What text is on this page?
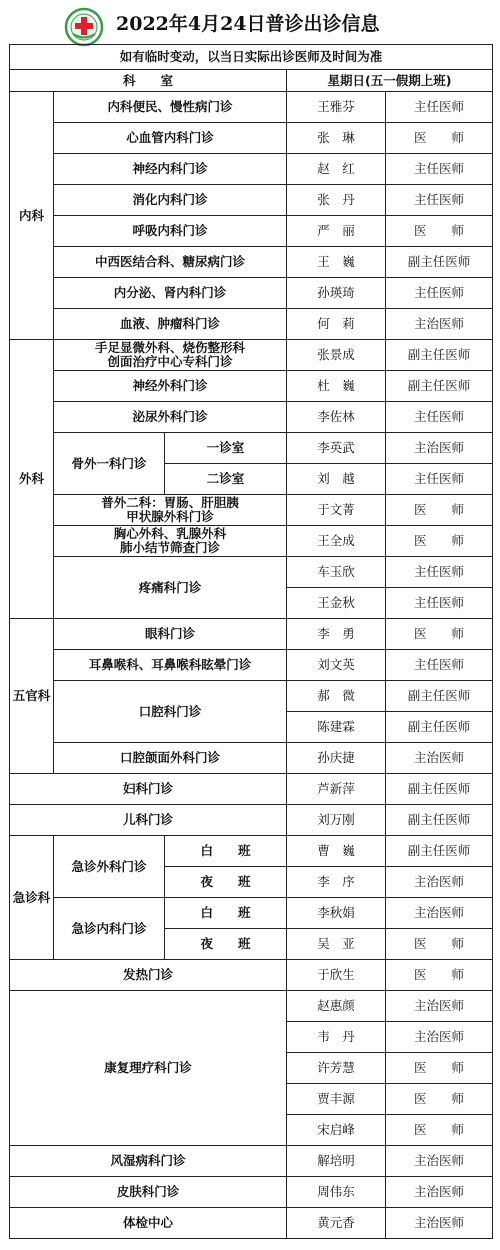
2022年4月24日普诊出诊信息
如有临时变动，以当日实际出诊医师及时间为准				
科　　室			星期日(五一假期上班)	
内科	内科便民、慢性病门诊		王雅芬	主任医师
	心血管内科门诊		张　琳	医　　师
	神经内科门诊		赵　红	主任医师
	消化内科门诊		张　丹	主任医师
	呼吸内科门诊		严　丽	医　　师
	中西医结合科、糖尿病门诊		王　巍	副主任医师
	内分泌、肾内科门诊		孙瑛琦	主任医师
	血液、肿瘤科门诊		何　莉	主治医师
外科	手足显微外科、烧伤整形科
创面治疗中心专科门诊		张景成	副主任医师
	神经外科门诊		杜　巍	副主任医师
	泌尿外科门诊		李佐林	主任医师
	骨外一科门诊	一诊室	李英武	主治医师
		二诊室	刘　越	主任医师

	普外二科：胃肠、肝胆胰
甲状腺外科门诊		于文菁	医　　师

	胸心外科、乳腺外科
肺小结节筛查门诊		王全成	医　　师
	疼痛科门诊		车玉欣	主任医师
			王金秋	主任医师
五官科	眼科门诊		李　勇	医　　师
	耳鼻喉科、耳鼻喉科眩晕门诊		刘文英	主任医师
	口腔科门诊		郝　微	副主任医师
			陈建霖	副主任医师
	口腔颌面外科门诊		孙庆捷	主治医师
妇科门诊			芦新萍	副主任医师
儿科门诊			刘万刚	副主任医师
急诊科	急诊外科门诊	白　　班	曹　巍	副主任医师
		夜　　班	李　序	主治医师
	急诊内科门诊	白　　班	李秋娟	主治医师
		夜　　班	吴　亚	医　　师
发热门诊			于欣生	医　　师
康复理疗科门诊			赵惠颜	主治医师
			韦　丹	主治医师
			许芳慧	医　　师
			贾丰源	医　　师
			宋启峰	医　　师
风湿病科门诊			解培明	主治医师
皮肤科门诊			周伟东	主治医师
体检中心			黄元香	主治医师
